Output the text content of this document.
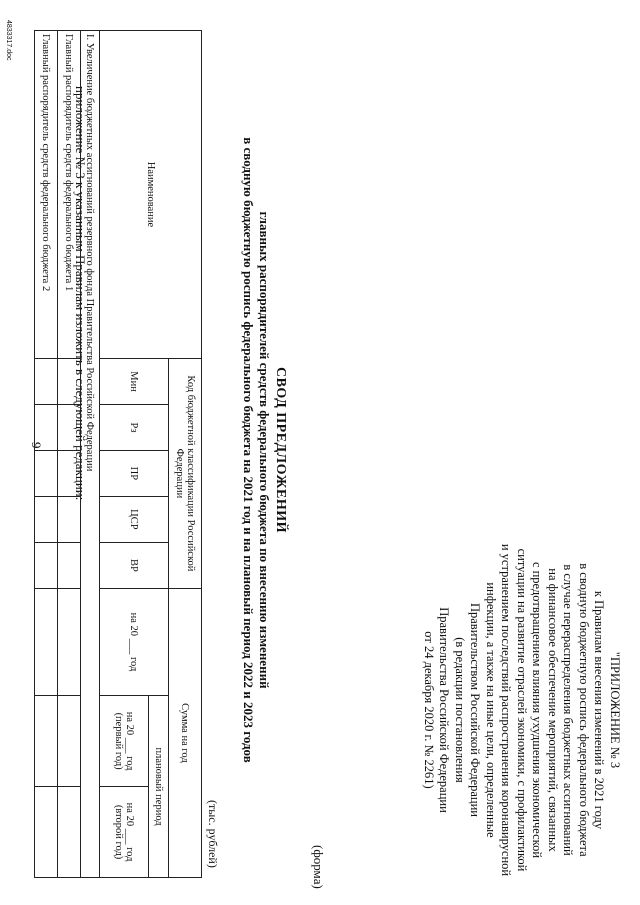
9 приложение № 3 к указанным Правилам изложить в следующей редакции:
"ПРИЛОЖЕНИЕ № 3
к Правилам внесения изменений в 2021 году
в сводную бюджетную роспись федерального бюджета
в случае перераспределения бюджетных ассигнований
на финансовое обеспечение мероприятий, связанных
с предотвращением влияния ухудшения экономической
ситуации на развитие отраслей экономики, с профилактикой
и устранением последствий распространения коронавирусной
инфекции, а также на иные цели, определенные
Правительством Российской Федерации
(в редакции постановления
Правительства Российской Федерации
от 24 декабря 2020 г. № 2261)
(форма)
СВОД ПРЕДЛОЖЕНИЙ
главных распорядителей средств федерального бюджета по внесению изменений
в сводную бюджетную роспись федерального бюджета на 2021 год и на плановый период 2022 и 2023 годов
(тыс. рублей)
Наименование	Код бюджетной классификации Российской Федерации					Сумма на год		
	Мин	Рз	ПР	ЦСР	ВР	на 20 ___ год	плановый период	
							на 20 ___ год (первый год)	на 20 ___ год (второй год)
I. Увеличение бюджетных ассигнований резервного фонда Правительства Российской Федерации								
Главный распорядитель средств федерального бюджета 1								
Главный распорядитель средств федерального бюджета 2								
4833317.doc
